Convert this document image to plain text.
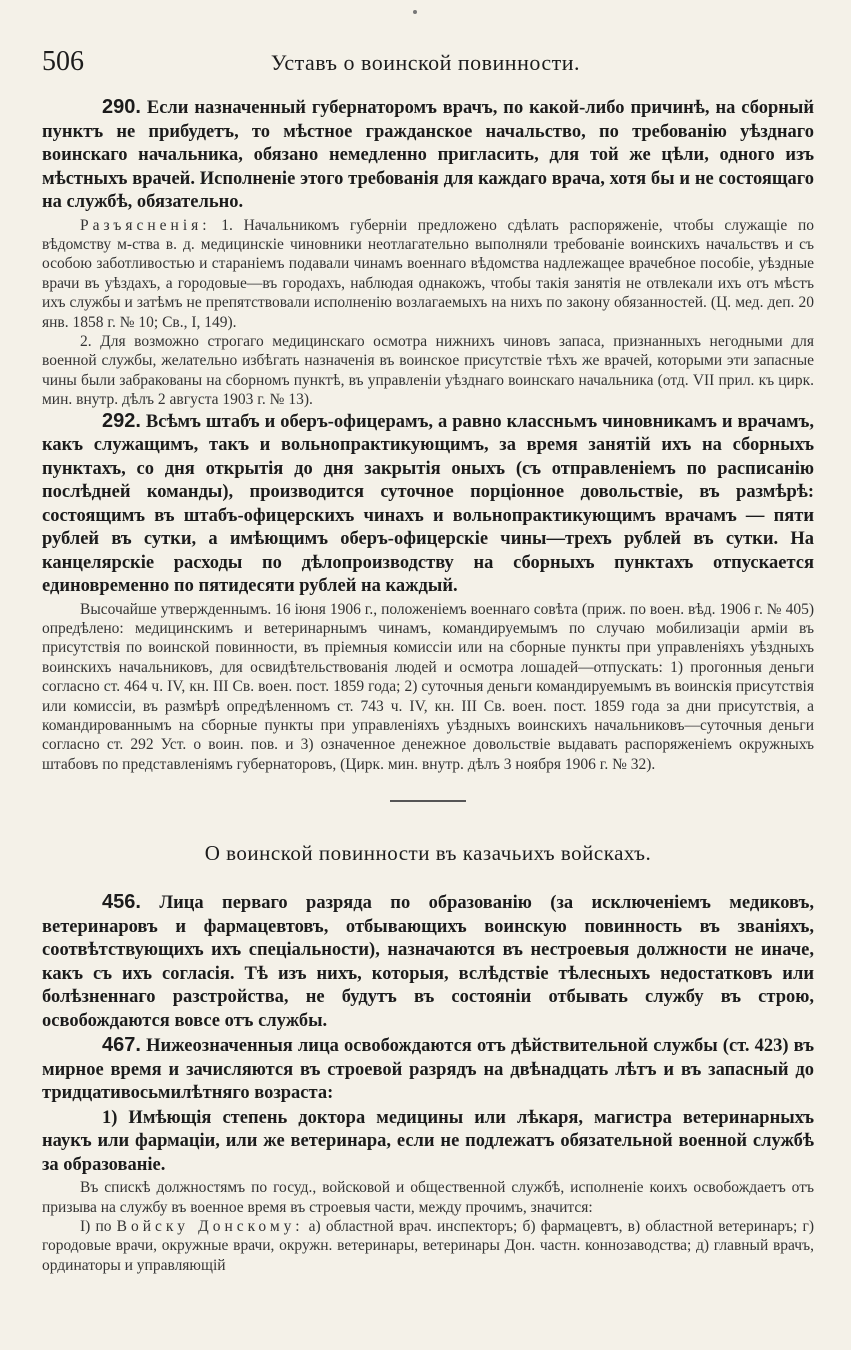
506	Уставъ о воинской повинности.

290. Если назначенный губернаторомъ врачъ, по какой-либо причинѣ, на сборный пунктъ не прибудетъ, то мѣстное гражданское начальство, по требованію уѣзднаго воинскаго начальника, обязано немедленно пригласить, для той же цѣли, одного изъ мѣстныхъ врачей. Исполненіе этого требованія для каждаго врача, хотя бы и не состоящаго на службѣ, обязательно.

Разъясненія: 1. Начальникомъ губерніи предложено сдѣлать распоряженіе, чтобы служащіе по вѣдомству м-ства в. д. медицинскіе чиновники неотлагательно выполняли требованіе воинскихъ начальствъ и съ особою заботливостью и стараніемъ подавали чинамъ военнаго вѣдомства надлежащее врачебное пособіе, уѣздные врачи въ уѣздахъ, а городовые—въ городахъ, наблюдая однакожъ, чтобы такія занятія не отвлекали ихъ отъ мѣстъ ихъ службы и затѣмъ не препятствовали исполненію возлагаемыхъ на нихъ по закону обязанностей. (Ц. мед. деп. 20 янв. 1858 г. № 10; Св., I, 149).

2. Для возможно строгаго медицинскаго осмотра нижнихъ чиновъ запаса, признанныхъ негодными для военной службы, желательно избѣгать назначенія въ воинское присутствіе тѣхъ же врачей, которыми эти запасные чины были забракованы на сборномъ пунктѣ, въ управленіи уѣзднаго воинскаго начальника (отд. VII прил. къ цирк. мин. внутр. дѣлъ 2 августа 1903 г. № 13).

292. Всѣмъ штабъ и оберъ-офицерамъ, а равно классньмъ чиновникамъ и врачамъ, какъ служащимъ, такъ и вольнопрактикующимъ, за время занятій ихъ на сборныхъ пунктахъ, со дня открытія до дня закрытія оныхъ (съ отправленіемъ по расписанію послѣдней команды), производится суточное порціонное довольствіе, въ размѣрѣ: состоящимъ въ штабъ-офицерскихъ чинахъ и вольнопрактикующимъ врачамъ — пяти рублей въ сутки, а имѣющимъ оберъ-офицерскіе чины—трехъ рублей въ сутки. На канцелярскіе расходы по дѣлопроизводству на сборныхъ пунктахъ отпускается единовременно по пятидесяти рублей на каждый.

Высочайше утвержденнымъ. 16 іюня 1906 г., положеніемъ военнаго совѣта (приж. по воен. вѣд. 1906 г. № 405) опредѣлено: медицинскимъ и ветеринарнымъ чинамъ, командируемымъ по случаю мобилизаціи арміи въ присутствія по воинской повинности, въ пріемныя комиссіи или на сборные пункты при управленіяхъ уѣздныхъ воинскихъ начальниковъ, для освидѣтельствованія людей и осмотра лошадей—отпускать: 1) прогонныя деньги согласно ст. 464 ч. IV, кн. III Св. воен. пост. 1859 года; 2) суточныя деньги командируемымъ въ воинскія присутствія или комиссіи, въ размѣрѣ опредѣленномъ ст. 743 ч. IV, кн. III Св. воен. пост. 1859 года за дни присутствія, а командированнымъ на сборные пункты при управленіяхъ уѣздныхъ воинскихъ начальниковъ—суточныя деньги согласно ст. 292 Уст. о воин. пов. и 3) означенное денежное довольствіе выдавать распоряженіемъ окружныхъ штабовъ по представленіямъ губернаторовъ, (Цирк. мин. внутр. дѣлъ 3 ноября 1906 г. № 32).

О воинской повинности въ казачьихъ войскахъ.

456. Лица перваго разряда по образованію (за исключеніемъ медиковъ, ветеринаровъ и фармацевтовъ, отбывающихъ воинскую повинность въ званіяхъ, соотвѣтствующихъ ихъ спеціальности), назначаются въ нестроевыя должности не иначе, какъ съ ихъ согласія. Тѣ изъ нихъ, которыя, вслѣдствіе тѣлесныхъ недостатковъ или болѣзненнаго разстройства, не будутъ въ состояніи отбывать службу въ строю, освобождаются вовсе отъ службы.

467. Нижеозначенныя лица освобождаются отъ дѣйствительной службы (ст. 423) въ мирное время и зачисляются въ строевой разрядъ на двѣнадцать лѣтъ и въ запасный до тридцативосьмилѣтняго возраста:

1) Имѣющія степень доктора медицины или лѣкаря, магистра ветеринарныхъ наукъ или фармаціи, или же ветеринара, если не подлежатъ обязательной военной службѣ за образованіе.

Въ спискѣ должностямъ по госуд., войсковой и общественной службѣ, исполненіе коихъ освобождаетъ отъ призыва на службу въ военное время въ строевыя части, между прочимъ, значится:

I) по Войску Донскому: а) областной врач. инспекторъ; б) фармацевтъ, в) областной ветеринаръ; г) городовые врачи, окружные врачи, окружн. ветеринары, ветеринары Дон. частн. коннозаводства; д) главный врачъ, ординаторы и управляющій
